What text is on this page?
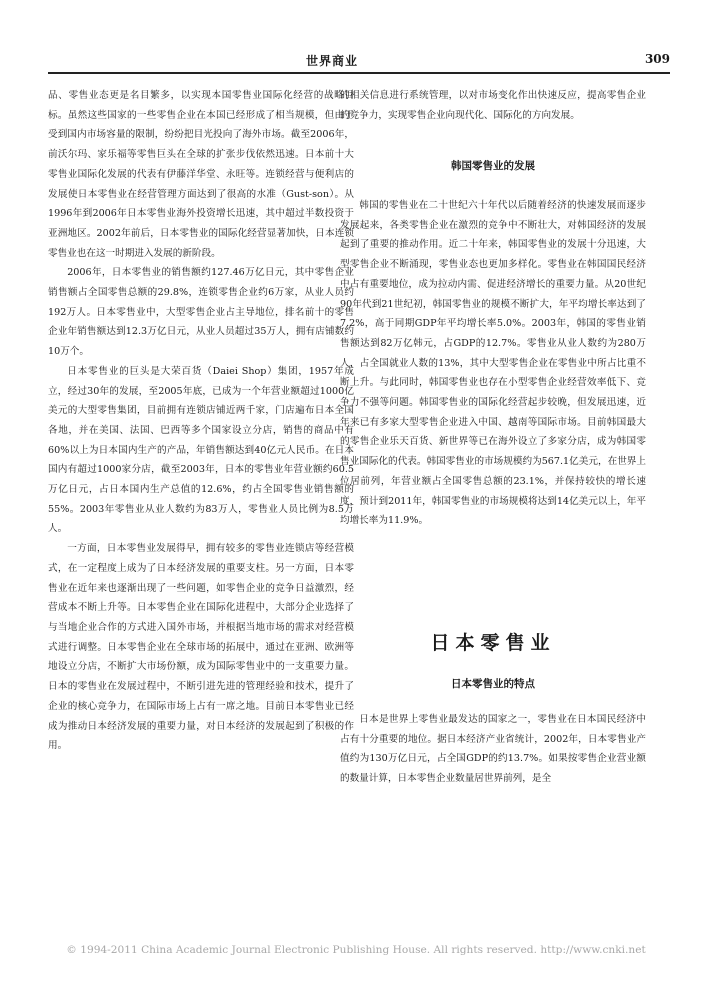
世界商业	309

品、零售业态更是名目繁多，以实现本国零售业国际化经营的战略目标。虽然这些国家的一些零售企业在本国已经形成了相当规模，但由于受到国内市场容量的限制，纷纷把目光投向了海外市场。截至2006年，前沃尔玛、家乐福等零售巨头在全球的扩张步伐依然迅速。日本前十大零售业国际化发展的代表有伊藤洋华堂、永旺等。连锁经营与便利店的发展使日本零售业在经营管理方面达到了很高的水准（Gust-son）。从1996年到2006年日本零售业海外投资增长迅速，其中超过半数投资于亚洲地区。2002年前后，日本零售业的国际化经营显著加快，日本连锁零售业也在这一时期进入发展的新阶段。

2006年，日本零售业的销售额约127.46万亿日元，其中零售企业销售额占全国零售总额的29.8%，连锁零售企业约6万家，从业人员约192万人。日本零售业中，大型零售企业占主导地位，排名前十的零售企业年销售额达到12.3万亿日元，从业人员超过35万人，拥有店铺数约10万个。

日本零售业的巨头是大荣百货（Daiei Shop）集团，1957年成立，经过30年的发展，至2005年底，已成为一个年营业额超过1000亿美元的大型零售集团，目前拥有连锁店铺近两千家，门店遍布日本全国各地，并在美国、法国、巴西等多个国家设立分店，销售的商品中有60%以上为日本国内生产的产品，年销售额达到40亿元人民币。在日本国内有超过1000家分店，截至2003年，日本的零售业年营业额约60.5万亿日元，占日本国内生产总值的12.6%，约占全国零售业销售额的55%。2003年零售业从业人数约为83万人，零售业人员比例为8.5万人。

一方面，日本零售业发展得早，拥有较多的零售业连锁店等经营模式，在一定程度上成为了日本经济发展的重要支柱。另一方面，日本零售业在近年来也逐渐出现了一些问题，如零售企业的竞争日益激烈，经营成本不断上升等。日本零售企业在国际化进程中，大部分企业选择了与当地企业合作的方式进入国外市场，并根据当地市场的需求对经营模式进行调整。日本零售企业在全球市场的拓展中，通过在亚洲、欧洲等地设立分店，不断扩大市场份额，成为国际零售业中的一支重要力量。日本的零售业在发展过程中，不断引进先进的管理经验和技术，提升了企业的核心竞争力，在国际市场上占有一席之地。目前日本零售业已经成为推动日本经济发展的重要力量，对日本经济的发展起到了积极的作用。

的相关信息进行系统管理，以对市场变化作出快速反应，提高零售企业的竞争力，实现零售企业向现代化、国际化的方向发展。

韩国零售业的发展

韩国的零售业在二十世纪六十年代以后随着经济的快速发展而逐步发展起来，各类零售企业在激烈的竞争中不断壮大，对韩国经济的发展起到了重要的推动作用。近二十年来，韩国零售业的发展十分迅速，大型零售企业不断涌现，零售业态也更加多样化。零售业在韩国国民经济中占有重要地位，成为拉动内需、促进经济增长的重要力量。从20世纪90年代到21世纪初，韩国零售业的规模不断扩大，年平均增长率达到了7.2%，高于同期GDP年平均增长率5.0%。2003年，韩国的零售业销售额达到82万亿韩元，占GDP的12.7%。零售业从业人数约为280万人，占全国就业人数的13%，其中大型零售企业在零售业中所占比重不断上升。与此同时，韩国零售业也存在小型零售企业经营效率低下、竞争力不强等问题。韩国零售业的国际化经营起步较晚，但发展迅速，近年来已有多家大型零售企业进入中国、越南等国际市场。目前韩国最大的零售企业乐天百货、新世界等已在海外设立了多家分店，成为韩国零售业国际化的代表。韩国零售业的市场规模约为567.1亿美元，在世界上位居前列，年营业额占全国零售总额的23.1%，并保持较快的增长速度，预计到2011年，韩国零售业的市场规模将达到14亿美元以上，年平均增长率为11.9%。

日本零售业
日本零售业的特点

日本是世界上零售业最发达的国家之一，零售业在日本国民经济中占有十分重要的地位。据日本经济产业省统计，2002年，日本零售业产值约为130万亿日元，占全国GDP的约13.7%。如果按零售企业营业额的数量计算，日本零售企业数量居世界前列，是全

© 1994-2011 China Academic Journal Electronic Publishing House. All rights reserved. http://www.cnki.net
